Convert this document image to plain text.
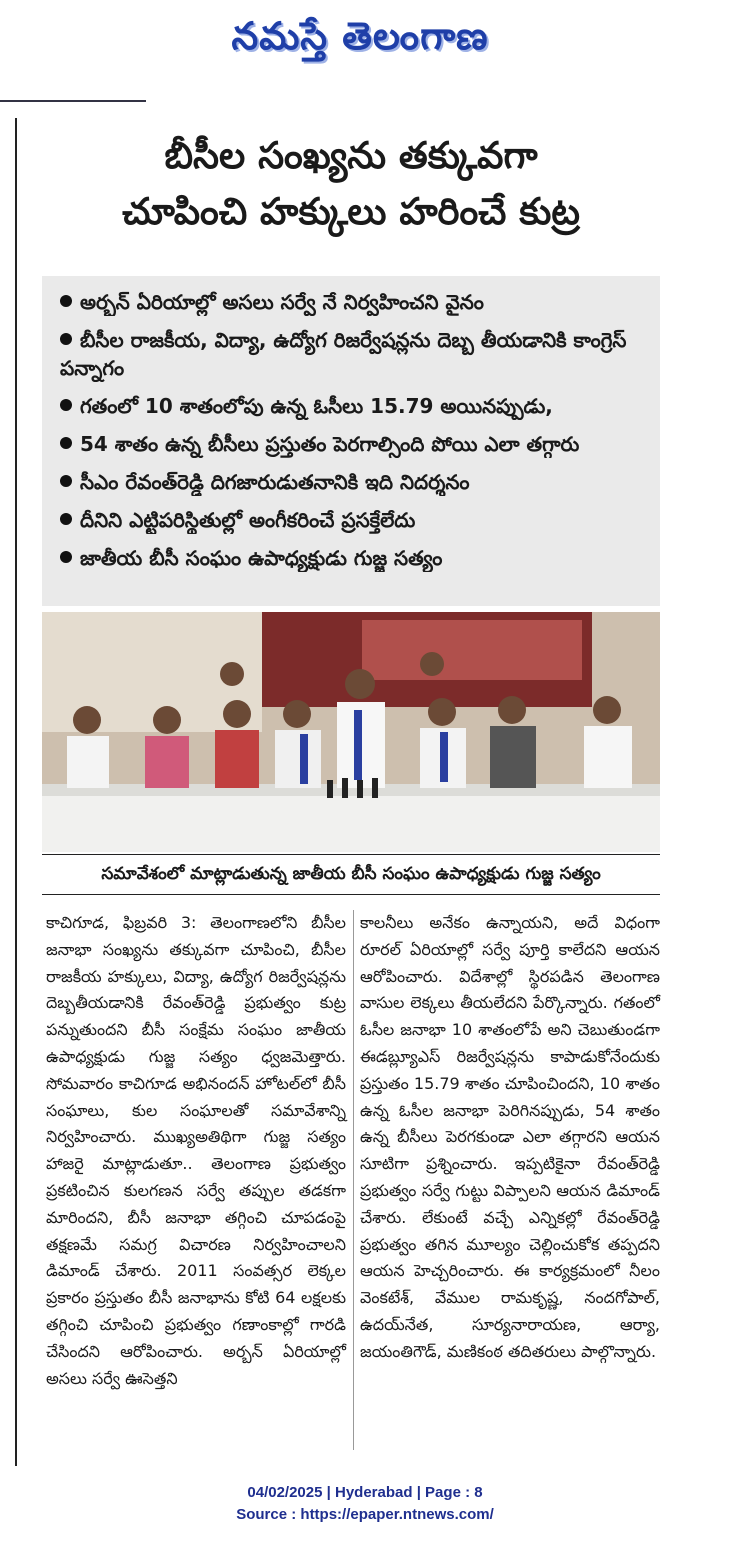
నమస్తే తెలంగాణ
బీసీల సంఖ్యను తక్కువగా
చూపించి హక్కులు హరించే కుట్ర
అర్బన్ ఏరియాల్లో అసలు సర్వే నే నిర్వహించని వైనం
బీసీల రాజకీయ, విద్యా, ఉద్యోగ రిజర్వేషన్లను దెబ్బ తీయడానికి కాంగ్రెస్ పన్నాగం
గతంలో 10 శాతంలోపు ఉన్న ఓసీలు 15.79 అయినప్పుడు,
54 శాతం ఉన్న బీసీలు ప్రస్తుతం పెరగాల్సింది పోయి ఎలా తగ్గారు
సీఎం రేవంత్‌రెడ్డి దిగజారుడుతనానికి ఇది నిదర్శనం
దీనిని ఎట్టిపరిస్థితుల్లో అంగీకరించే ప్రసక్తేలేదు
జాతీయ బీసీ సంఘం ఉపాధ్యక్షుడు గుజ్జ సత్యం
సమావేశంలో మాట్లాడుతున్న జాతీయ బీసీ సంఘం ఉపాధ్యక్షుడు గుజ్జ సత్యం

కాచిగూడ, ఫిబ్రవరి 3: తెలంగాణలోని బీసీల జనాభా సంఖ్యను తక్కువగా చూపించి, బీసీల రాజకీయ హక్కులు, విద్యా, ఉద్యోగ రిజర్వేషన్లను దెబ్బతీయడానికి రేవంత్‌రెడ్డి ప్రభుత్వం కుట్ర పన్నుతుందని బీసీ సంక్షేమ సంఘం జాతీయ ఉపాధ్యక్షుడు గుజ్జ సత్యం ధ్వజమెత్తారు. సోమవారం కాచిగూడ అభినందన్ హోటల్‌లో బీసీ సంఘాలు, కుల సంఘాలతో సమావేశాన్ని నిర్వహించారు. ముఖ్యఅతిథిగా గుజ్జ సత్యం హాజరై మాట్లాడుతూ.. తెలంగాణ ప్రభుత్వం ప్రకటించిన కులగణన సర్వే తప్పుల తడకగా మారిందని, బీసీ జనాభా తగ్గించి చూపడంపై తక్షణమే సమగ్ర విచారణ నిర్వహించాలని డిమాండ్ చేశారు. 2011 సంవత్సర లెక్కల ప్రకారం ప్రస్తుతం బీసీ జనాభాను కోటి 64 లక్షలకు తగ్గించి చూపించి ప్రభుత్వం గణాంకాల్లో గారడి చేసిందని ఆరోపించారు. అర్బన్ ఏరియాల్లో అసలు సర్వే ఊసెత్తని

కాలనీలు అనేకం ఉన్నాయని, అదే విధంగా రూరల్ ఏరియాల్లో సర్వే పూర్తి కాలేదని ఆయన ఆరోపించారు. విదేశాల్లో స్థిరపడిన తెలంగాణ వాసుల లెక్కలు తీయలేదని పేర్కొన్నారు. గతంలో ఓసీల జనాభా 10 శాతంలోపే అని చెబుతుండగా ఈడబ్ల్యూఎస్ రిజర్వేషన్లను కాపాడుకోనేందుకు ప్రస్తుతం 15.79 శాతం చూపించిందని, 10 శాతం ఉన్న ఓసీల జనాభా పెరిగినప్పుడు, 54 శాతం ఉన్న బీసీలు పెరగకుండా ఎలా తగ్గారని ఆయన సూటిగా ప్రశ్నించారు. ఇప్పటికైనా రేవంత్‌రెడ్డి ప్రభుత్వం సర్వే గుట్టు విప్పాలని ఆయన డిమాండ్ చేశారు. లేకుంటే వచ్చే ఎన్నికల్లో రేవంత్‌రెడ్డి ప్రభుత్వం తగిన మూల్యం చెల్లించుకోక తప్పదని ఆయన హెచ్చరించారు. ఈ కార్యక్రమంలో నీలం వెంకటేశ్, వేముల రామకృష్ణ, నందగోపాల్, ఉదయ్‌నేత, సూర్యనారాయణ, ఆర్యా, జయంతిగౌడ్, మణికంఠ తదితరులు పాల్గొన్నారు.

04/02/2025 | Hyderabad | Page : 8
Source : https://epaper.ntnews.com/
